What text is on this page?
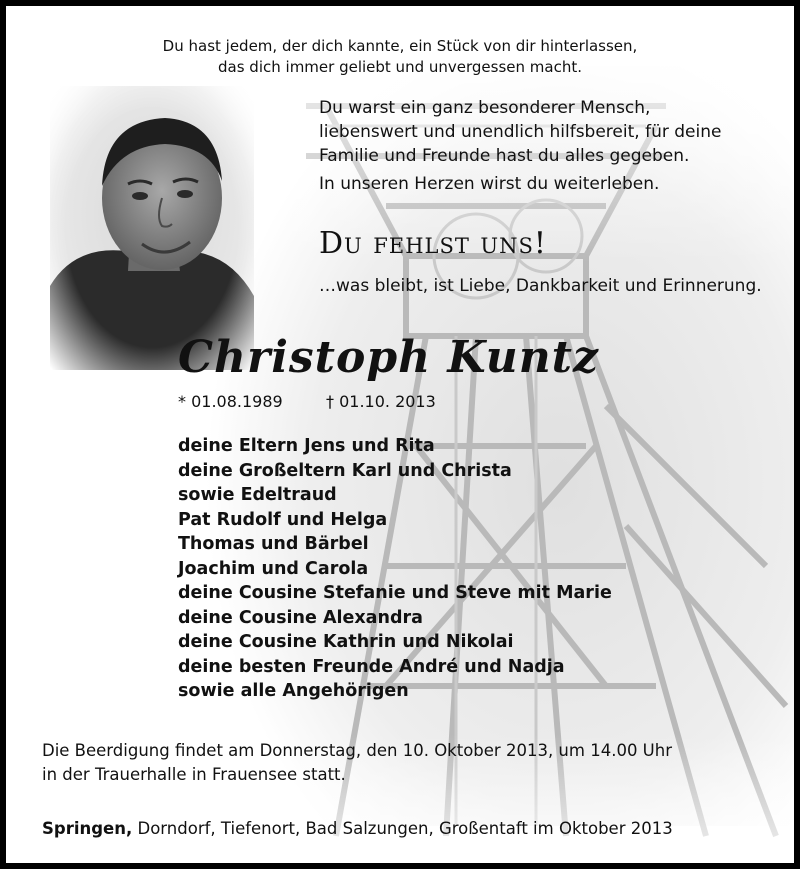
Du hast jedem, der dich kannte, ein Stück von dir hinterlassen,
das dich immer geliebt und unvergessen macht.
Du warst ein ganz besonderer Mensch,
liebenswert und unendlich hilfsbereit, für deine
Familie und Freunde hast du alles gegeben.
In unseren Herzen wirst du weiterleben.
Du fehlst uns!
…was bleibt, ist Liebe, Dankbarkeit und Erinnerung.
Christoph Kuntz
* 01.08.1989	† 01.10. 2013
deine Eltern Jens und Rita
deine Großeltern Karl und Christa
sowie Edeltraud
Pat Rudolf und Helga
Thomas und Bärbel
Joachim und Carola
deine Cousine Stefanie und Steve mit Marie
deine Cousine Alexandra
deine Cousine Kathrin und Nikolai
deine besten Freunde André und Nadja
sowie alle Angehörigen
Die Beerdigung findet am Donnerstag, den 10. Oktober 2013, um 14.00 Uhr
in der Trauerhalle in Frauensee statt.
Springen, Dorndorf, Tiefenort, Bad Salzungen, Großentaft im Oktober 2013
